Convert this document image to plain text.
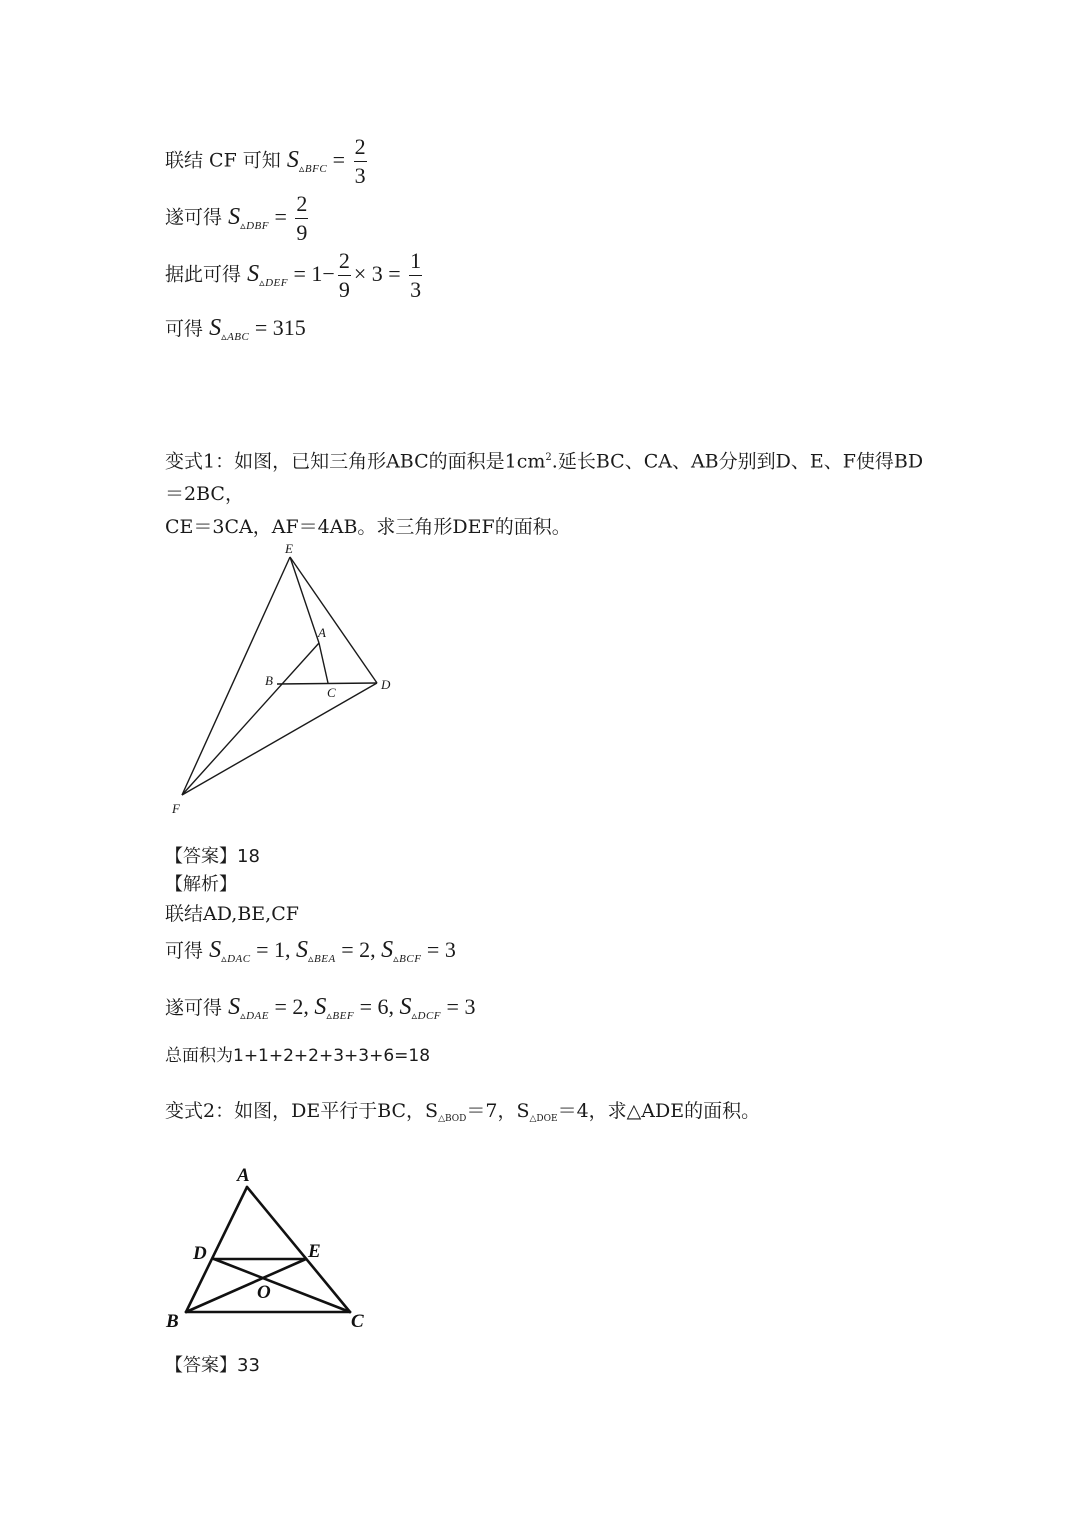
联结 CF 可知 $S_{▵BFC} = \frac{2}{3}$
遂可得 $S_{▵DBF} = \frac{2}{9}$
据此可得 $S_{▵DEF} = 1- \frac{2}{9} \times 3 = \frac{1}{3}$
可得 $S_{▵ABC} = 315$
变式1：如图，已知三角形ABC的面积是$1cm^2$.延长BC、CA、AB分别到D、E、F使得BD＝2BC，
CE＝3CA，AF＝4AB。求三角形DEF的面积。
E
A
B
C
D
F
【答案】18
【解析】
联结AD,BE,CF
可得 $S_{▵DAC} = 1$, $S_{▵BEA} = 2$, $S_{▵BCF} = 3$
遂可得 $S_{▵DAE} = 2$, $S_{▵BEF} = 6$, $S_{▵DCF} = 3$
总面积为1+1+2+2+3+3+6=18
变式2：如图，DE平行于BC，$S_{\triangle BOD}=7$，$S_{\triangle DOE}=4$，求△ADE的面积。
A
D	E
O
B	C
【答案】33
